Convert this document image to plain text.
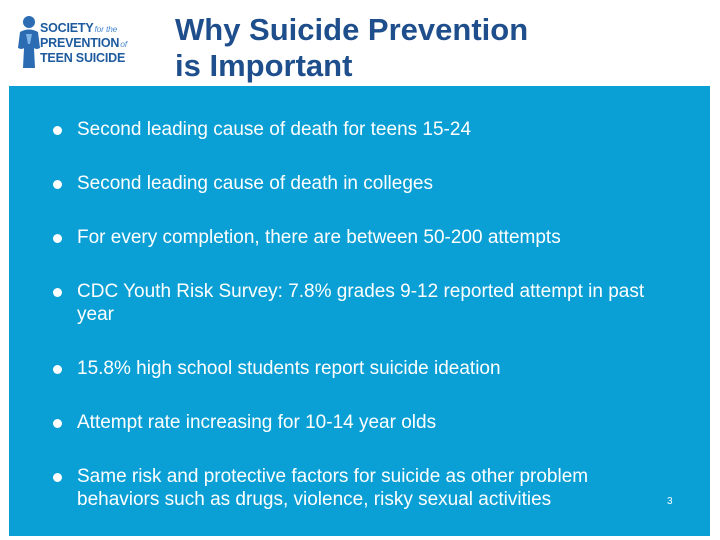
SOCIETYfor the
PREVENTIONof
TEEN SUICIDE
Why Suicide Prevention
is Important
Second leading cause of death for teens 15-24
Second leading cause of death in colleges
For every completion, there are between 50-200 attempts
CDC Youth Risk Survey: 7.8% grades 9-12 reported attempt in past year
15.8% high school students report suicide ideation
Attempt rate increasing for 10-14 year olds
Same risk and protective factors for suicide as other problem behaviors such as drugs, violence, risky sexual activities	3
